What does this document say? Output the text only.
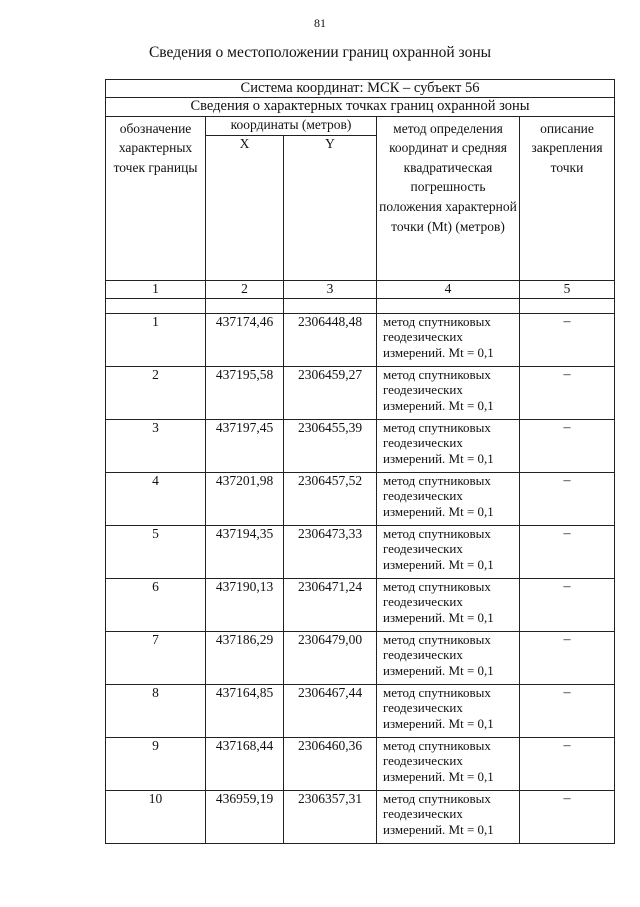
81
Сведения о местоположении границ охранной зоны
Система координат: МСК – субъект 56				
Сведения о характерных точках границ охранной зоны				
обозначение характерных точек границы	координаты (метров)		метод определения координат и средняя квадратическая погрешность положения характерной точки (Mt) (метров)	описание закрепления точки
	X	Y		
1	2	3	4	5

1	437174,46	2306448,48	метод спутниковых геодезических измерений. Mt = 0,1	–
2	437195,58	2306459,27	метод спутниковых геодезических измерений. Mt = 0,1	–
3	437197,45	2306455,39	метод спутниковых геодезических измерений. Mt = 0,1	–
4	437201,98	2306457,52	метод спутниковых геодезических измерений. Mt = 0,1	–
5	437194,35	2306473,33	метод спутниковых геодезических измерений. Mt = 0,1	–
6	437190,13	2306471,24	метод спутниковых геодезических измерений. Mt = 0,1	–
7	437186,29	2306479,00	метод спутниковых геодезических измерений. Mt = 0,1	–
8	437164,85	2306467,44	метод спутниковых геодезических измерений. Mt = 0,1	–
9	437168,44	2306460,36	метод спутниковых геодезических измерений. Mt = 0,1	–
10	436959,19	2306357,31	метод спутниковых геодезических измерений. Mt = 0,1	–
